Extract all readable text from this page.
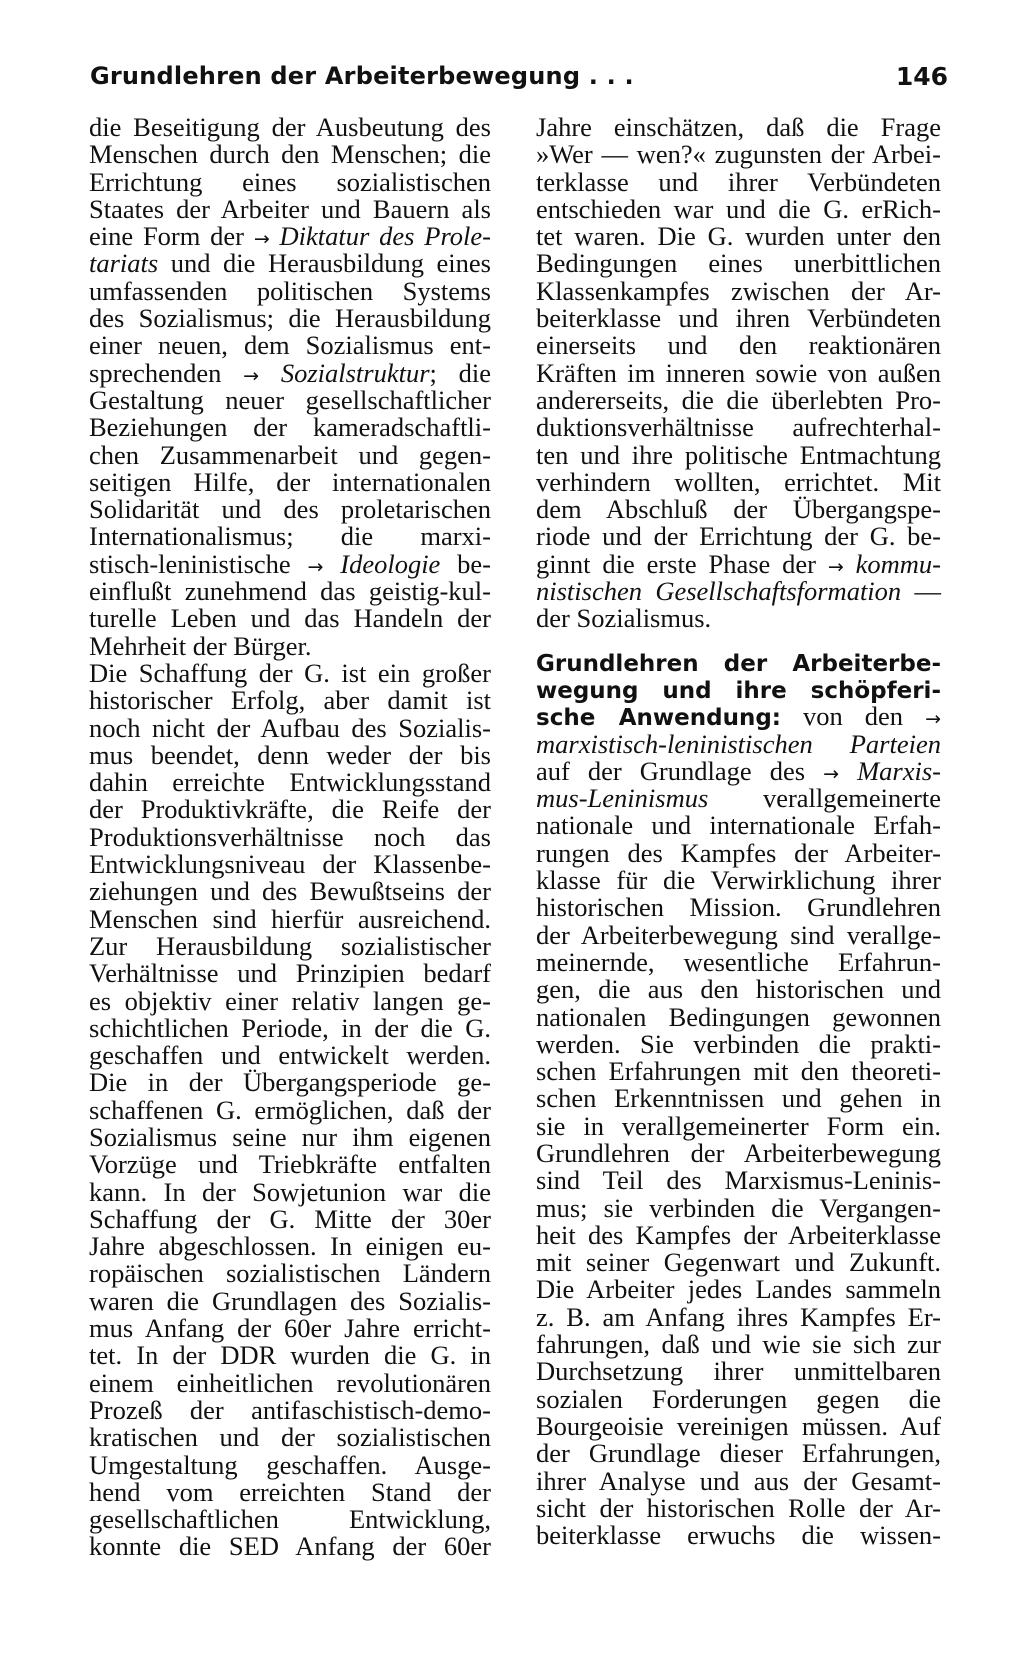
Grundlehren der Arbeiterbewegung . . .	146
die Beseitigung der Ausbeutung des
Menschen durch den Menschen; die
Errichtung eines sozialistischen
Staates der Arbeiter und Bauern als
eine Form der → Diktatur des Prole-
tariats und die Herausbildung eines
umfassenden politischen Systems
des Sozialismus; die Herausbildung
einer neuen, dem Sozialismus ent-
sprechenden → Sozialstruktur; die
Gestaltung neuer gesellschaftlicher
Beziehungen der kameradschaftli-
chen Zusammenarbeit und gegen-
seitigen Hilfe, der internationalen
Solidarität und des proletarischen
Internationalismus; die marxi-
stisch-leninistische → Ideologie be-
einflußt zunehmend das geistig-kul-
turelle Leben und das Handeln der
Mehrheit der Bürger.
Die Schaffung der G. ist ein großer
historischer Erfolg, aber damit ist
noch nicht der Aufbau des Sozialis-
mus beendet, denn weder der bis
dahin erreichte Entwicklungsstand
der Produktivkräfte, die Reife der
Produktionsverhältnisse noch das
Entwicklungsniveau der Klassenbe-
ziehungen und des Bewußtseins der
Menschen sind hierfür ausreichend.
Zur Herausbildung sozialistischer
Verhältnisse und Prinzipien bedarf
es objektiv einer relativ langen ge-
schichtlichen Periode, in der die G.
geschaffen und entwickelt werden.
Die in der Übergangsperiode ge-
schaffenen G. ermöglichen, daß der
Sozialismus seine nur ihm eigenen
Vorzüge und Triebkräfte entfalten
kann. In der Sowjetunion war die
Schaffung der G. Mitte der 30er
Jahre abgeschlossen. In einigen eu-
ropäischen sozialistischen Ländern
waren die Grundlagen des Sozialis-
mus Anfang der 60er Jahre erricht-
tet. In der DDR wurden die G. in
einem einheitlichen revolutionären
Prozeß der antifaschistisch-demo-
kratischen und der sozialistischen
Umgestaltung geschaffen. Ausge-
hend vom erreichten Stand der
gesellschaftlichen Entwicklung,
konnte die SED Anfang der 60er
Jahre einschätzen, daß die Frage
»Wer — wen?« zugunsten der Arbei-
terklasse und ihrer Verbündeten
entschieden war und die G. erRich-
tet waren. Die G. wurden unter den
Bedingungen eines unerbittlichen
Klassenkampfes zwischen der Ar-
beiterklasse und ihren Verbündeten
einerseits und den reaktionären
Kräften im inneren sowie von außen
andererseits, die die überlebten Pro-
duktionsverhältnisse aufrechterhal-
ten und ihre politische Entmachtung
verhindern wollten, errichtet. Mit
dem Abschluß der Übergangspe-
riode und der Errichtung der G. be-
ginnt die erste Phase der → kommu-
nistischen Gesellschaftsformation —
der Sozialismus.
Grundlehren der Arbeiterbe-
wegung und ihre schöpferi-
sche Anwendung: von den →
marxistisch-leninistischen Parteien
auf der Grundlage des → Marxis-
mus-Leninismus verallgemeinerte
nationale und internationale Erfah-
rungen des Kampfes der Arbeiter-
klasse für die Verwirklichung ihrer
historischen Mission. Grundlehren
der Arbeiterbewegung sind verallge-
meinernde, wesentliche Erfahrun-
gen, die aus den historischen und
nationalen Bedingungen gewonnen
werden. Sie verbinden die prakti-
schen Erfahrungen mit den theoreti-
schen Erkenntnissen und gehen in
sie in verallgemeinerter Form ein.
Grundlehren der Arbeiterbewegung
sind Teil des Marxismus-Leninis-
mus; sie verbinden die Vergangen-
heit des Kampfes der Arbeiterklasse
mit seiner Gegenwart und Zukunft.
Die Arbeiter jedes Landes sammeln
z. B. am Anfang ihres Kampfes Er-
fahrungen, daß und wie sie sich zur
Durchsetzung ihrer unmittelbaren
sozialen Forderungen gegen die
Bourgeoisie vereinigen müssen. Auf
der Grundlage dieser Erfahrungen,
ihrer Analyse und aus der Gesamt-
sicht der historischen Rolle der Ar-
beiterklasse erwuchs die wissen-
